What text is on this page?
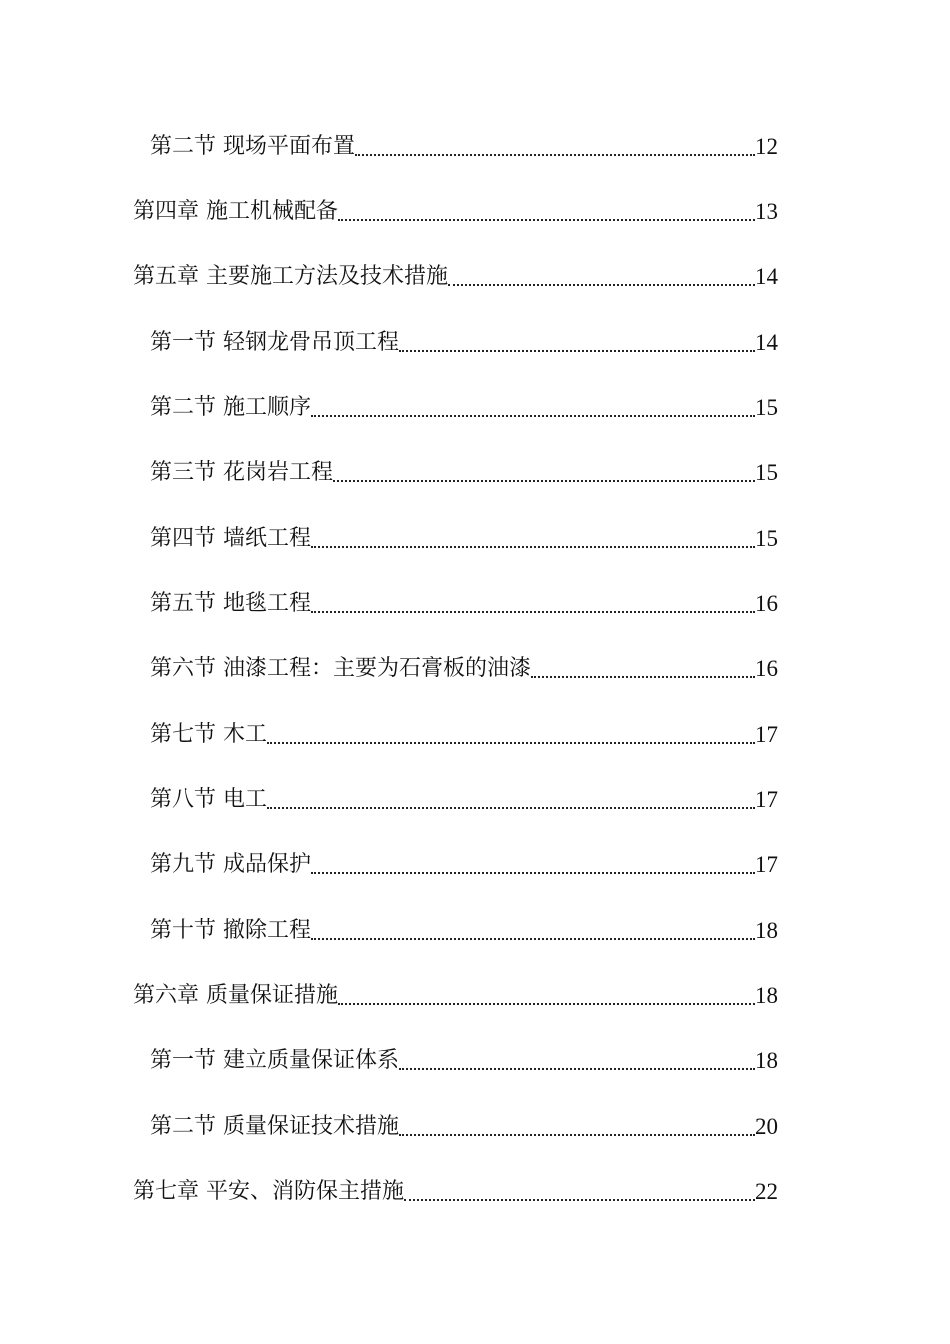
第二节 现场平面布置	12
第四章 施工机械配备	13
第五章 主要施工方法及技术措施	14
第一节 轻钢龙骨吊顶工程	14
第二节 施工顺序	15
第三节 花岗岩工程	15
第四节 墙纸工程	15
第五节 地毯工程	16
第六节 油漆工程：主要为石膏板的油漆	16
第七节 木工	17
第八节 电工	17
第九节 成品保护	17
第十节 撤除工程	18
第六章 质量保证措施	18
第一节 建立质量保证体系	18
第二节 质量保证技术措施	20
第七章 平安、消防保主措施	22
